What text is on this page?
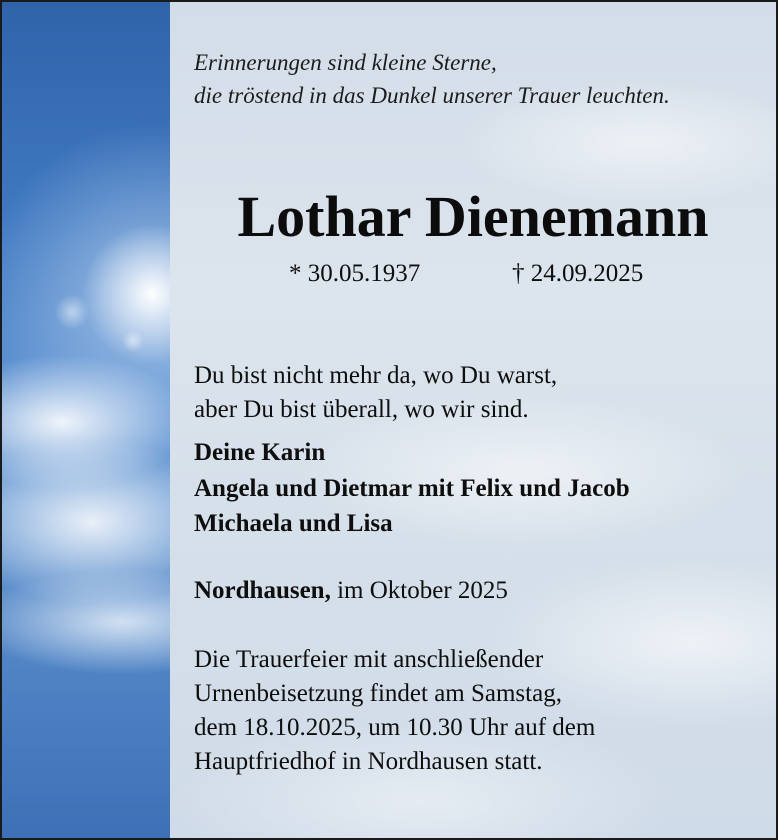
Erinnerungen sind kleine Sterne,
die tröstend in das Dunkel unserer Trauer leuchten.
Lothar Dienemann
* 30.05.1937	† 24.09.2025
Du bist nicht mehr da, wo Du warst,
aber Du bist überall, wo wir sind.
Deine Karin
Angela und Dietmar mit Felix und Jacob
Michaela und Lisa
Nordhausen, im Oktober 2025
Die Trauerfeier mit anschließender
Urnenbeisetzung findet am Samstag,
dem 18.10.2025, um 10.30 Uhr auf dem
Hauptfriedhof in Nordhausen statt.
